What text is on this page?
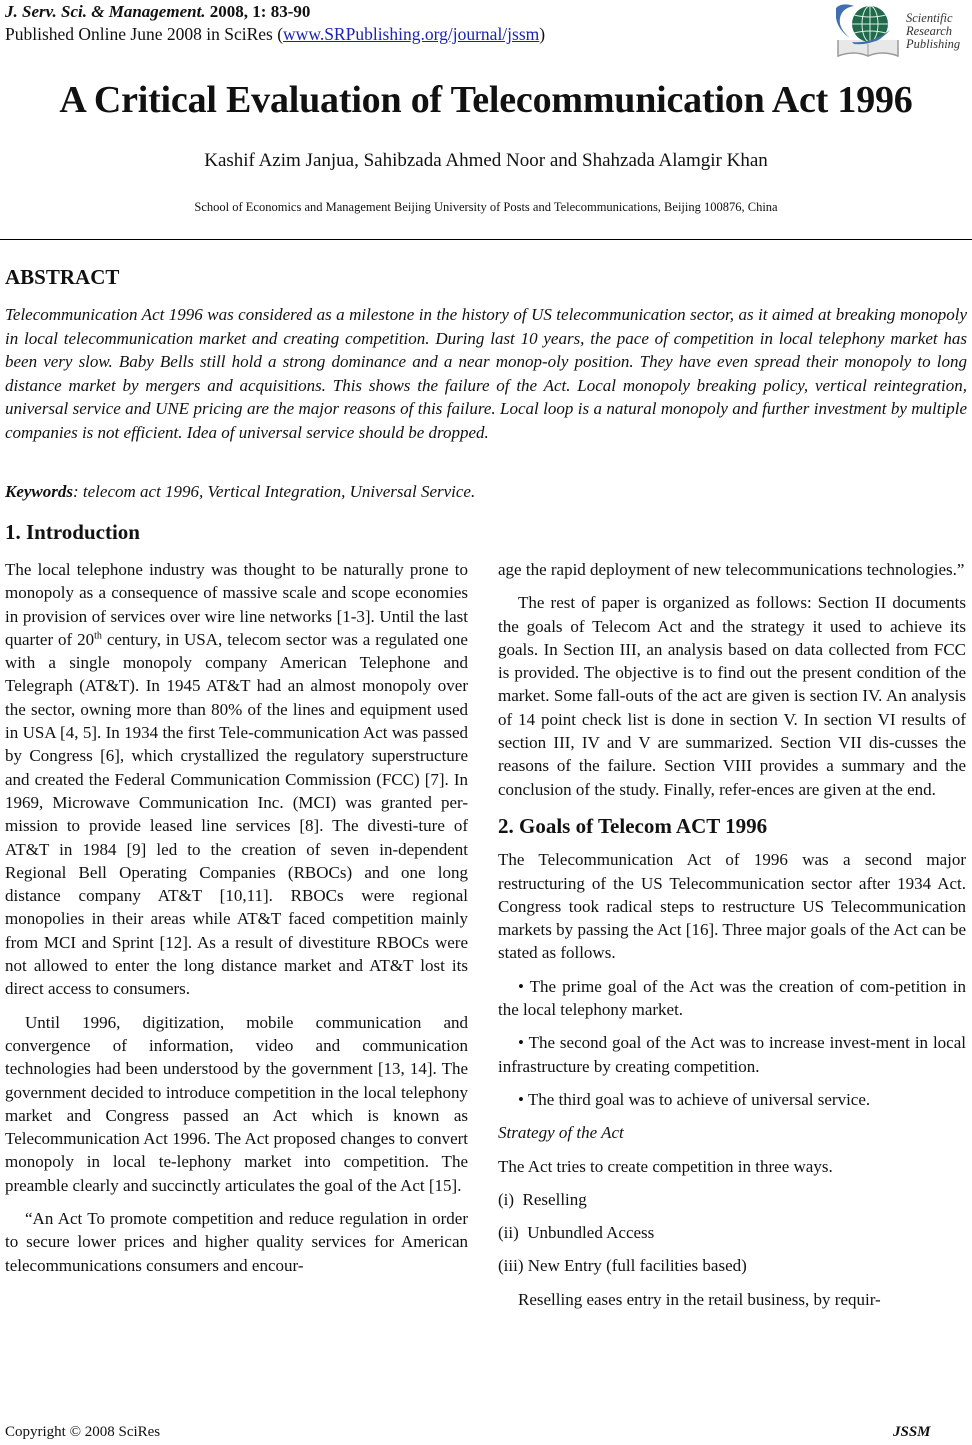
J. Serv. Sci. & Management. 2008, 1: 83-90
Published Online June 2008 in SciRes (www.SRPublishing.org/journal/jssm)
Scientific
Research
Publishing
A Critical Evaluation of Telecommunication Act 1996
Kashif Azim Janjua, Sahibzada Ahmed Noor and Shahzada Alamgir Khan
School of Economics and Management Beijing University of Posts and Telecommunications, Beijing 100876, China
ABSTRACT
Telecommunication Act 1996 was considered as a milestone in the history of US telecommunication sector, as it aimed at breaking monopoly in local telecommunication market and creating competition. During last 10 years, the pace of competition in local telephony market has been very slow. Baby Bells still hold a strong dominance and a near monop-oly position. They have even spread their monopoly to long distance market by mergers and acquisitions. This shows the failure of the Act. Local monopoly breaking policy, vertical reintegration, universal service and UNE pricing are the major reasons of this failure. Local loop is a natural monopoly and further investment by multiple companies is not efficient. Idea of universal service should be dropped.
Keywords: telecom act 1996, Vertical Integration, Universal Service.
1. Introduction

The local telephone industry was thought to be naturally prone to monopoly as a consequence of massive scale and scope economies in provision of services over wire line networks [1-3]. Until the last quarter of 20th century, in USA, telecom sector was a regulated one with a single monopoly company American Telephone and Telegraph (AT&T). In 1945 AT&T had an almost monopoly over the sector, owning more than 80% of the lines and equipment used in USA [4, 5]. In 1934 the first Tele-communication Act was passed by Congress [6], which crystallized the regulatory superstructure and created the Federal Communication Commission (FCC) [7]. In 1969, Microwave Communication Inc. (MCI) was granted per-mission to provide leased line services [8]. The divesti-ture of AT&T in 1984 [9] led to the creation of seven in-dependent Regional Bell Operating Companies (RBOCs) and one long distance company AT&T [10,11]. RBOCs were regional monopolies in their areas while AT&T faced competition mainly from MCI and Sprint [12]. As a result of divestiture RBOCs were not allowed to enter the long distance market and AT&T lost its direct access to consumers.

Until 1996, digitization, mobile communication and convergence of information, video and communication technologies had been understood by the government [13, 14]. The government decided to introduce competition in the local telephony market and Congress passed an Act which is known as Telecommunication Act 1996. The Act proposed changes to convert monopoly in local te-lephony market into competition. The preamble clearly and succinctly articulates the goal of the Act [15].

“An Act To promote competition and reduce regulation in order to secure lower prices and higher quality services for American telecommunications consumers and encour-

age the rapid deployment of new telecommunications technologies.”

The rest of paper is organized as follows: Section II documents the goals of Telecom Act and the strategy it used to achieve its goals. In Section III, an analysis based on data collected from FCC is provided. The objective is to find out the present condition of the market. Some fall-outs of the act are given is section IV. An analysis of 14 point check list is done in section V. In section VI results of section III, IV and V are summarized. Section VII dis-cusses the reasons of the failure. Section VIII provides a summary and the conclusion of the study. Finally, refer-ences are given at the end.

2. Goals of Telecom ACT 1996

The Telecommunication Act of 1996 was a second major restructuring of the US Telecommunication sector after 1934 Act. Congress took radical steps to restructure US Telecommunication markets by passing the Act [16]. Three major goals of the Act can be stated as follows.

• The prime goal of the Act was the creation of com-petition in the local telephony market.

• The second goal of the Act was to increase invest-ment in local infrastructure by creating competition.

• The third goal was to achieve of universal service.

Strategy of the Act

The Act tries to create competition in three ways.

(i)  Reselling

(ii)  Unbundled Access

(iii) New Entry (full facilities based)

Reselling eases entry in the retail business, by requir-

Copyright © 2008 SciRes	JSSM
